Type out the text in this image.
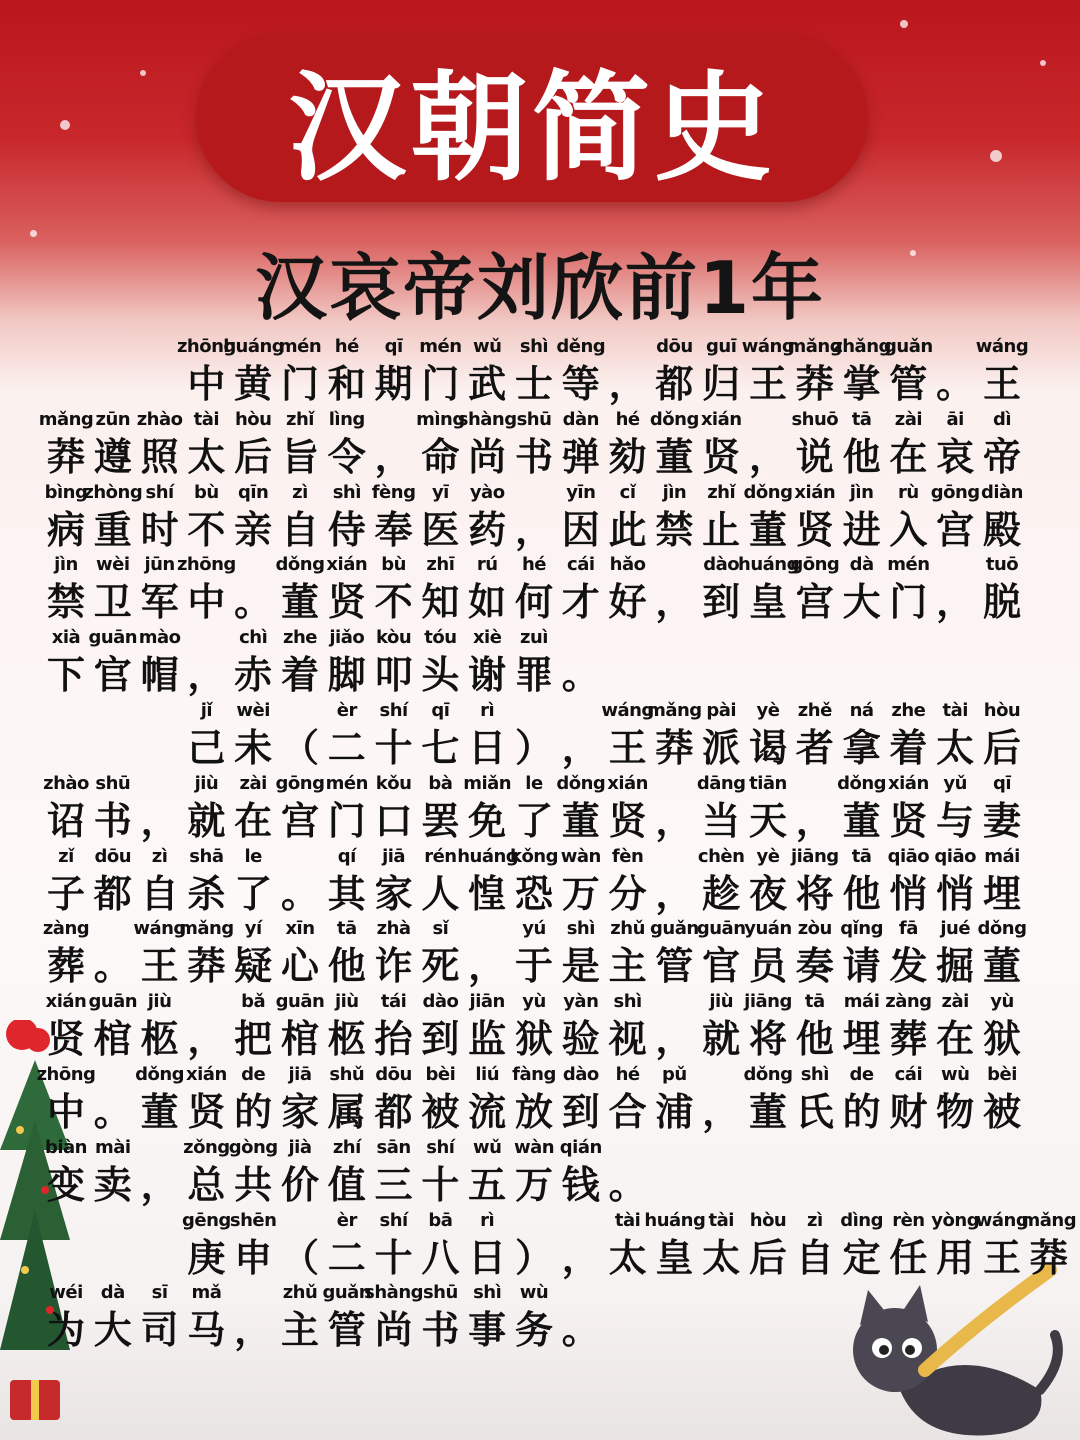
汉朝简史
汉哀帝刘欣前1年
zhōng
中
huáng
黄
mén
门
hé
和
qī
期
mén
门
wǔ
武
shì
士
děng
等 ，
dōu
都
guī
归
wáng
王
mǎng
莽
zhǎng
掌
guǎn
管 。
wáng
王
mǎng
莽
zūn
遵
zhào
照
tài
太
hòu
后
zhǐ
旨
lìng
令 ，
mìng
命
shàng
尚
shū
书
dàn
弹
hé
劾
dǒng
董
xián
贤 ，
shuō
说
tā
他
zài
在
āi
哀
dì
帝
bìng
病
zhòng
重
shí
时
bù
不
qīn
亲
zì
自
shì
侍
fèng
奉
yī
医
yào
药 ，
yīn
因
cǐ
此
jìn
禁
zhǐ
止
dǒng
董
xián
贤
jìn
进
rù
入
gōng
宫
diàn
殿
jìn
禁
wèi
卫
jūn
军
zhōng
中 。
dǒng
董
xián
贤
bù
不
zhī
知
rú
如
hé
何
cái
才
hǎo
好 ，
dào
到
huáng
皇
gōng
宫
dà
大
mén
门 ，
tuō
脱
xià
下
guān
官
mào
帽 ，
chì
赤
zhe
着
jiǎo
脚
kòu
叩
tóu
头
xiè
谢
zuì
罪 。
jǐ
己
wèi
未 （
èr
二
shí
十
qī
七
rì
日 ） ，
wáng
王
mǎng
莽
pài
派
yè
谒
zhě
者
ná
拿
zhe
着
tài
太
hòu
后
zhào
诏
shū
书 ，
jiù
就
zài
在
gōng
宫
mén
门
kǒu
口
bà
罢
miǎn
免
le
了
dǒng
董
xián
贤 ，
dāng
当
tiān
天 ，
dǒng
董
xián
贤
yǔ
与
qī
妻
zǐ
子
dōu
都
zì
自
shā
杀
le
了 。
qí
其
jiā
家
rén
人
huáng
惶
kǒng
恐
wàn
万
fèn
分 ，
chèn
趁
yè
夜
jiāng
将
tā
他
qiāo
悄
qiāo
悄
mái
埋
zàng
葬 。
wáng
王
mǎng
莽
yí
疑
xīn
心
tā
他
zhà
诈
sǐ
死 ，
yú
于
shì
是
zhǔ
主
guǎn
管
guān
官
yuán
员
zòu
奏
qǐng
请
fā
发
jué
掘
dǒng
董
xián
贤
guān
棺
jiù
柩 ，
bǎ
把
guān
棺
jiù
柩
tái
抬
dào
到
jiān
监
yù
狱
yàn
验
shì
视 ，
jiù
就
jiāng
将
tā
他
mái
埋
zàng
葬
zài
在
yù
狱
zhōng
中 。
dǒng
董
xián
贤
de
的
jiā
家
shǔ
属
dōu
都
bèi
被
liú
流
fàng
放
dào
到
hé
合
pǔ
浦 ，
dǒng
董
shì
氏
de
的
cái
财
wù
物
bèi
被
biàn
变
mài
卖 ，
zǒng
总
gòng
共
jià
价
zhí
值
sān
三
shí
十
wǔ
五
wàn
万
qián
钱 。
gēng
庚
shēn
申 （
èr
二
shí
十
bā
八
rì
日 ） ，
tài
太
huáng
皇
tài
太
hòu
后
zì
自
dìng
定
rèn
任
yòng
用
wáng
王
mǎng
莽
wéi
为
dà
大
sī
司
mǎ
马 ，
zhǔ
主
guǎn
管
shàng
尚
shū
书
shì
事
wù
务 。
